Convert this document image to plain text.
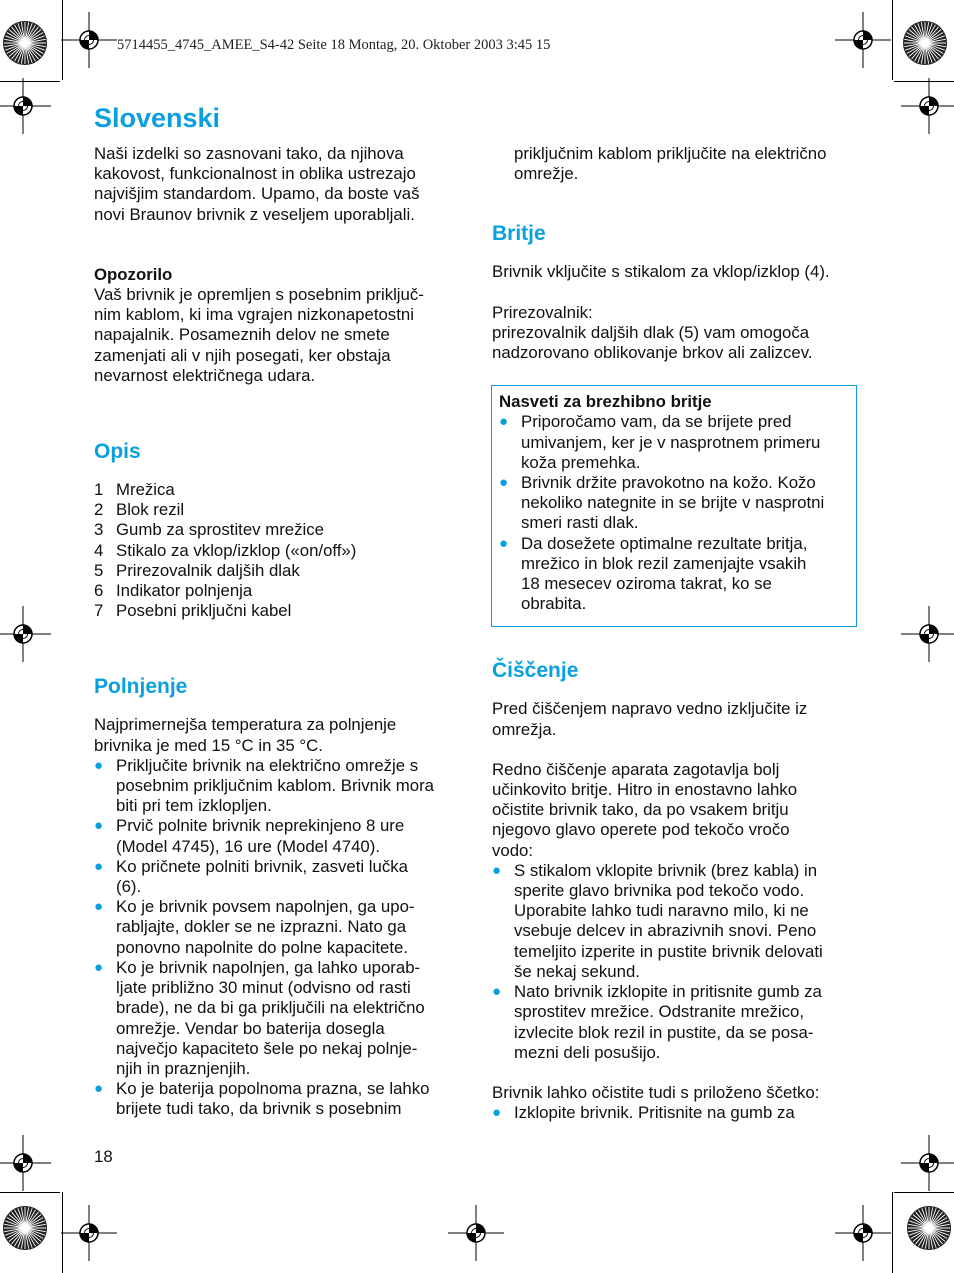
5714455_4745_AMEE_S4-42 Seite 18 Montag, 20. Oktober 2003 3:45 15
Slovenski

Naši izdelki so zasnovani tako, da njihova
kakovost, funkcionalnost in oblika ustrezajo
najvišjim standardom. Upamo, da boste vaš
novi Braunov brivnik z veseljem uporabljali.

Opozorilo

Vaš brivnik je opremljen s posebnim priključ-
nim kablom, ki ima vgrajen nizkonapetostni
napajalnik. Posameznih delov ne smete
zamenjati ali v njih posegati, ker obstaja
nevarnost električnega udara.

Opis
1 Mrežica
2 Blok rezil
3 Gumb za sprostitev mrežice
4 Stikalo za vklop/izklop («on/off»)
5 Prirezovalnik daljših dlak
6 Indikator polnjenja
7 Posebni priključni kabel
Polnjenje

Najprimernejša temperatura za polnjenje
brivnika je med 15 °C in 35 °C.

● Priključite brivnik na električno omrežje s
posebnim priključnim kablom. Brivnik mora
biti pri tem izklopljen.
● Prvič polnite brivnik neprekinjeno 8 ure
(Model 4745), 16 ure (Model 4740).
● Ko pričnete polniti brivnik, zasveti lučka
(6).
● Ko je brivnik povsem napolnjen, ga upo-
rabljajte, dokler se ne izprazni. Nato ga
ponovno napolnite do polne kapacitete.
● Ko je brivnik napolnjen, ga lahko uporab-
ljate približno 30 minut (odvisno od rasti
brade), ne da bi ga priključili na električno
omrežje. Vendar bo baterija dosegla
največjo kapaciteto šele po nekaj polnje-
njih in praznjenjih.
● Ko je baterija popolnoma prazna, se lahko
brijete tudi tako, da brivnik s posebnim

priključnim kablom priključite na električno
omrežje.

Britje

Brivnik vključite s stikalom za vklop/izklop (4).

Prirezovalnik:

prirezovalnik daljših dlak (5) vam omogoča
nadzorovano oblikovanje brkov ali zalizcev.

Nasveti za brezhibno britje

● Priporočamo vam, da se brijete pred
umivanjem, ker je v nasprotnem primeru
koža premehka.
● Brivnik držite pravokotno na kožo. Kožo
nekoliko nategnite in se brijte v nasprotni
smeri rasti dlak.
● Da dosežete optimalne rezultate britja,
mrežico in blok rezil zamenjajte vsakih
18 mesecev oziroma takrat, ko se
obrabita.
Čiščenje

Pred čiščenjem napravo vedno izključite iz
omrežja.

Redno čiščenje aparata zagotavlja bolj
učinkovito britje. Hitro in enostavno lahko
očistite brivnik tako, da po vsakem britju
njegovo glavo operete pod tekočo vročo
vodo:

● S stikalom vklopite brivnik (brez kabla) in
sperite glavo brivnika pod tekočo vodo.
Uporabite lahko tudi naravno milo, ki ne
vsebuje delcev in abrazivnih snovi. Peno
temeljito izperite in pustite brivnik delovati
še nekaj sekund.
● Nato brivnik izklopite in pritisnite gumb za
sprostitev mrežice. Odstranite mrežico,
izvlecite blok rezil in pustite, da se posa-
mezni deli posušijo.

Brivnik lahko očistite tudi s priloženo ščetko:

● Izklopite brivnik. Pritisnite na gumb za
18
